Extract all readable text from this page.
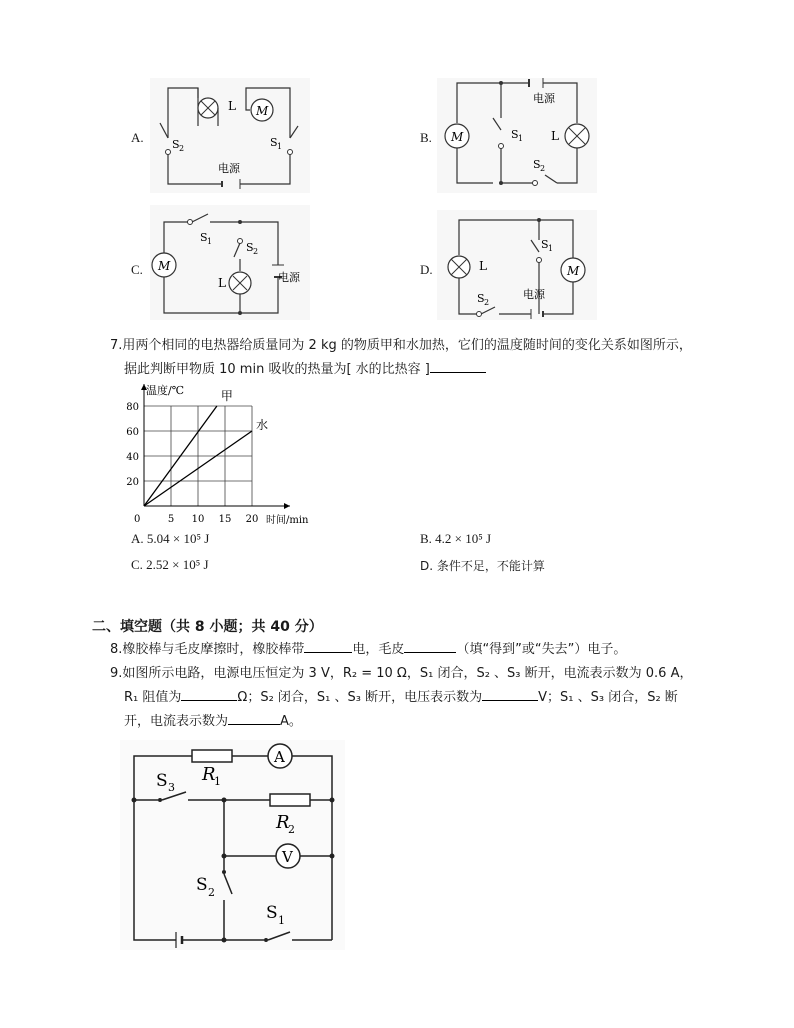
A.
L M
S 2	S 1
电源
B.
电源
M	S 1 L
S 2
C.
S 1
M
电源
S 2
L
D.	L
S 2
电源
S 1
M
7.用两个相同的电热器给质量同为 2 kg 的物质甲和水加热，它们的温度随时间的变化关系如图所示，
据此判断甲物质 10 min 吸收的热量为[ 水的比热容 ]
5 10 15 20
20
40
60
80
0
温度/℃
时间/min
甲
水
A. 5.04 × 10⁵ J	B. 4.2 × 10⁵ J
C. 2.52 × 10⁵ J	D. 条件不足，不能计算
二、填空题（共 8 小题；共 40 分）
8.橡胶棒与毛皮摩擦时，橡胶棒带	电，毛皮	（填“得到”或“失去”）电子。
9.如图所示电路，电源电压恒定为 3 V，R₂ = 10 Ω，S₁ 闭合，S₂ 、S₃ 断开，电流表示数为 0.6 A，
R₁ 阻值为	Ω；S₂ 闭合，S₁ 、S₃ 断开，电压表示数为	V；S₁ 、S₃ 闭合，S₂ 断
开，电流表示数为	A。
A
R
1
S 3
R
2
V
S 2
S 1
